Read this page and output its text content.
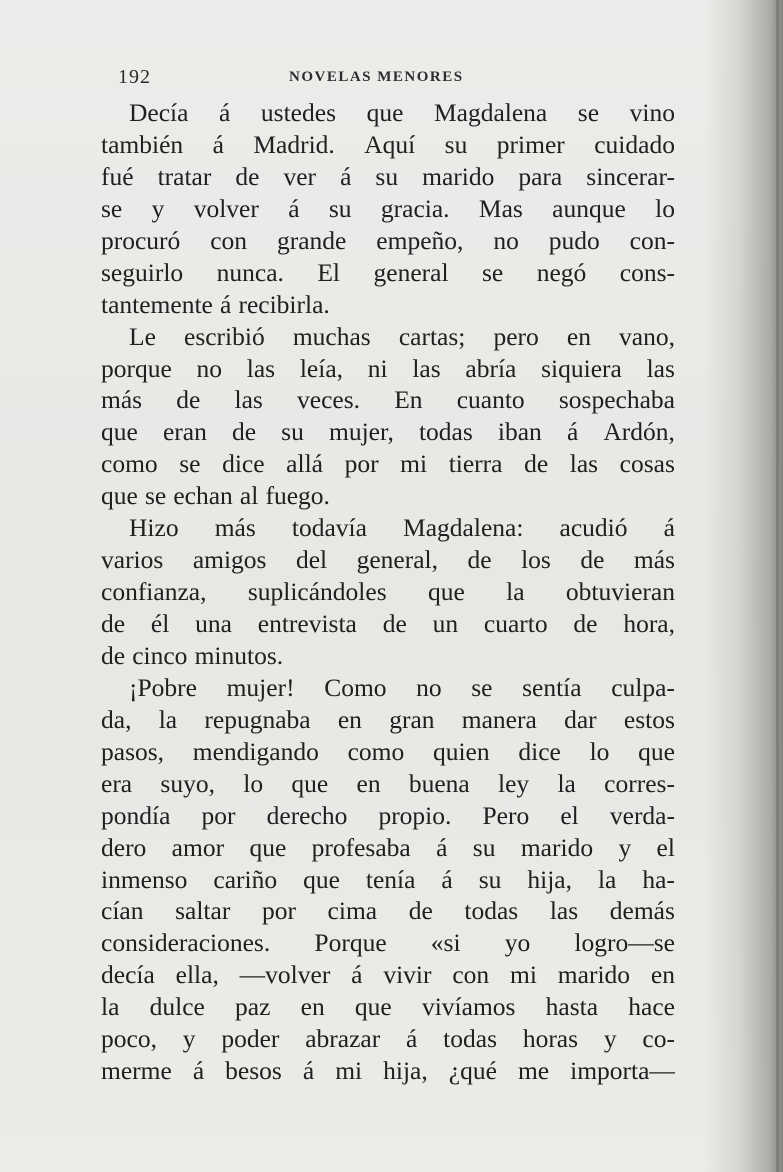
192	NOVELAS MENORES
Decía á ustedes que Magdalena se vino
también á Madrid. Aquí su primer cuidado
fué tratar de ver á su marido para sincerar-
se y volver á su gracia. Mas aunque lo
procuró con grande empeño, no pudo con-
seguirlo nunca. El general se negó cons-
tantemente á recibirla.
Le escribió muchas cartas; pero en vano,
porque no las leía, ni las abría siquiera las
más de las veces. En cuanto sospechaba
que eran de su mujer, todas iban á Ardón,
como se dice allá por mi tierra de las cosas
que se echan al fuego.
Hizo más todavía Magdalena: acudió á
varios amigos del general, de los de más
confianza, suplicándoles que la obtuvieran
de él una entrevista de un cuarto de hora,
de cinco minutos.
¡Pobre mujer! Como no se sentía culpa-
da, la repugnaba en gran manera dar estos
pasos, mendigando como quien dice lo que
era suyo, lo que en buena ley la corres-
pondía por derecho propio. Pero el verda-
dero amor que profesaba á su marido y el
inmenso cariño que tenía á su hija, la ha-
cían saltar por cima de todas las demás
consideraciones. Porque «si yo logro—se
decía ella, —volver á vivir con mi marido en
la dulce paz en que vivíamos hasta hace
poco, y poder abrazar á todas horas y co-
merme á besos á mi hija, ¿qué me importa—
